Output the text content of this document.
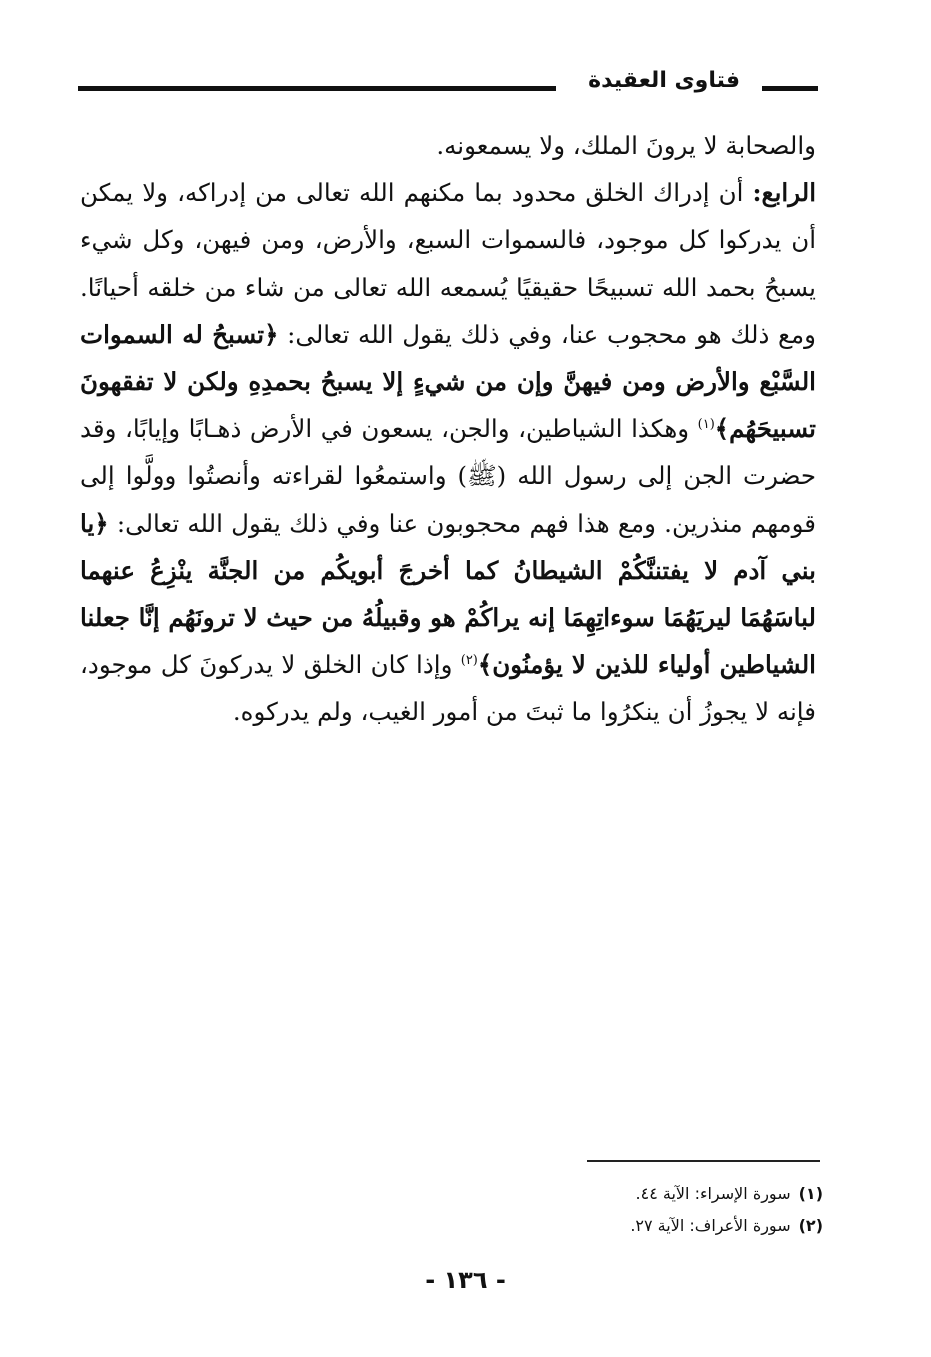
فتاوى العقيدة

والصحابة لا يرونَ الملك، ولا يسمعونه.

الرابع: أن إدراك الخلق محدود بما مكنهم الله تعالى من إدراكه، ولا يمكن أن يدركوا كل موجود، فالسموات السبع، والأرض، ومن فيهن، وكل شيء يسبحُ بحمد الله تسبيحًا حقيقيًا يُسمعه الله تعالى من شاء من خلقه أحيانًا. ومع ذلك هو محجوب عنا، وفي ذلك يقول الله تعالى: ﴿تسبحُ له السموات السَّبْع والأرض ومن فيهنَّ وإن من شيءٍ إلا يسبحُ بحمدِهِ ولكن لا تفقهونَ تسبيحَهُم﴾$^{(١)}$ وهكذا الشياطين، والجن، يسعون في الأرض ذهـابًا وإيابًا، وقد حضرت الجن إلى رسول الله (ﷺ) واستمعُوا لقراءته وأنصتُوا وولَّوا إلى قومهم منذرين. ومع هذا فهم محجوبون عنا وفي ذلك يقول الله تعالى: ﴿يا بني آدم لا يفتننَّكُمْ الشيطانُ كما أخرجَ أبويكُم من الجنَّة ينْزِعُ عنهما لباسَهُمَا ليريَهُمَا سوءاتِهِمَا إنه يراكُمْ هو وقبيلُهُ من حيث لا ترونَهُم إنَّا جعلنا الشياطين أولياء للذين لا يؤمنُون﴾$^{(٢)}$ وإذا كان الخلق لا يدركونَ كل موجود، فإنه لا يجوزُ أن ينكرُوا ما ثبتَ من أمور الغيب، ولم يدركوه.

(١)سورة الإسراء: الآية ٤٤.
(٢)سورة الأعراف: الآية ٢٧.
- ١٣٦ -
